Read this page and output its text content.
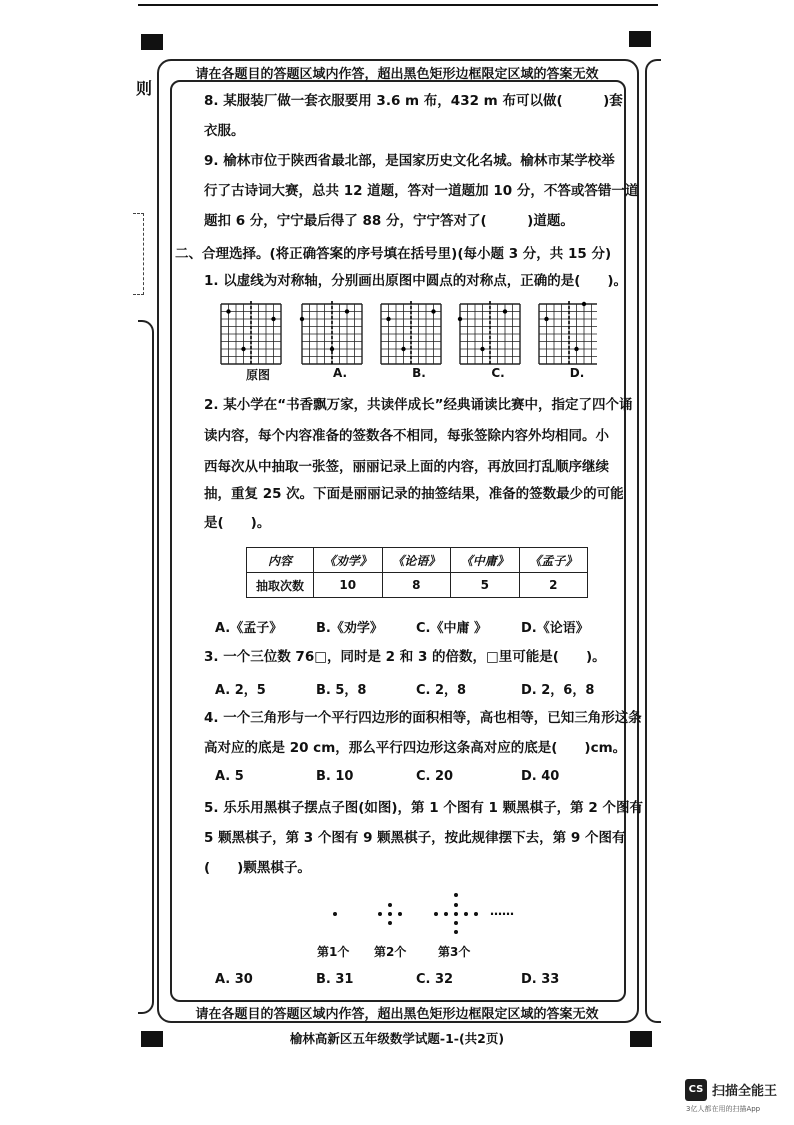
则
请在各题目的答题区域内作答，超出黑色矩形边框限定区域的答案无效
8. 某服装厂做一套衣服要用 3.6 m 布，432 m 布可以做(　　　)套
衣服。
9. 榆林市位于陕西省最北部，是国家历史文化名城。榆林市某学校举
行了古诗词大赛，总共 12 道题，答对一道题加 10 分，不答或答错一道
题扣 6 分，宁宁最后得了 88 分，宁宁答对了(　　　)道题。
二、合理选择。(将正确答案的序号填在括号里)(每小题 3 分，共 15 分)
1. 以虚线为对称轴，分别画出原图中圆点的对称点，正确的是(　　)。
原图	A.	B.	C.	D.
2. 某小学在“书香飘万家，共读伴成长”经典诵读比赛中，指定了四个诵
读内容，每个内容准备的签数各不相同，每张签除内容外均相同。小
西每次从中抽取一张签，丽丽记录上面的内容，再放回打乱顺序继续
抽，重复 25 次。下面是丽丽记录的抽签结果，准备的签数最少的可能
是(　　)。
内容	《劝学》	《论语》	《中庸》	《孟子》
抽取次数	10	8	5	2
A.《孟子》	B.《劝学》	C.《中庸 》	D.《论语》
3. 一个三位数 76□，同时是 2 和 3 的倍数，□里可能是(　　)。
A. 2，5	B. 5，8	C. 2，8	D. 2，6，8
4. 一个三角形与一个平行四边形的面积相等，高也相等，已知三角形这条
高对应的底是 20 cm，那么平行四边形这条高对应的底是(　　)cm。
A. 5	B. 10	C. 20	D. 40
5. 乐乐用黑棋子摆点子图(如图)，第 1 个图有 1 颗黑棋子，第 2 个图有
5 颗黑棋子，第 3 个图有 9 颗黑棋子，按此规律摆下去，第 9 个图有
(　　)颗黑棋子。
……
第1个 第2个	第3个
A. 30	B. 31	C. 32	D. 33
请在各题目的答题区域内作答，超出黑色矩形边框限定区域的答案无效
榆林高新区五年级数学试题-1-(共2页)
CS 扫描全能王
3亿人都在用的扫描App
